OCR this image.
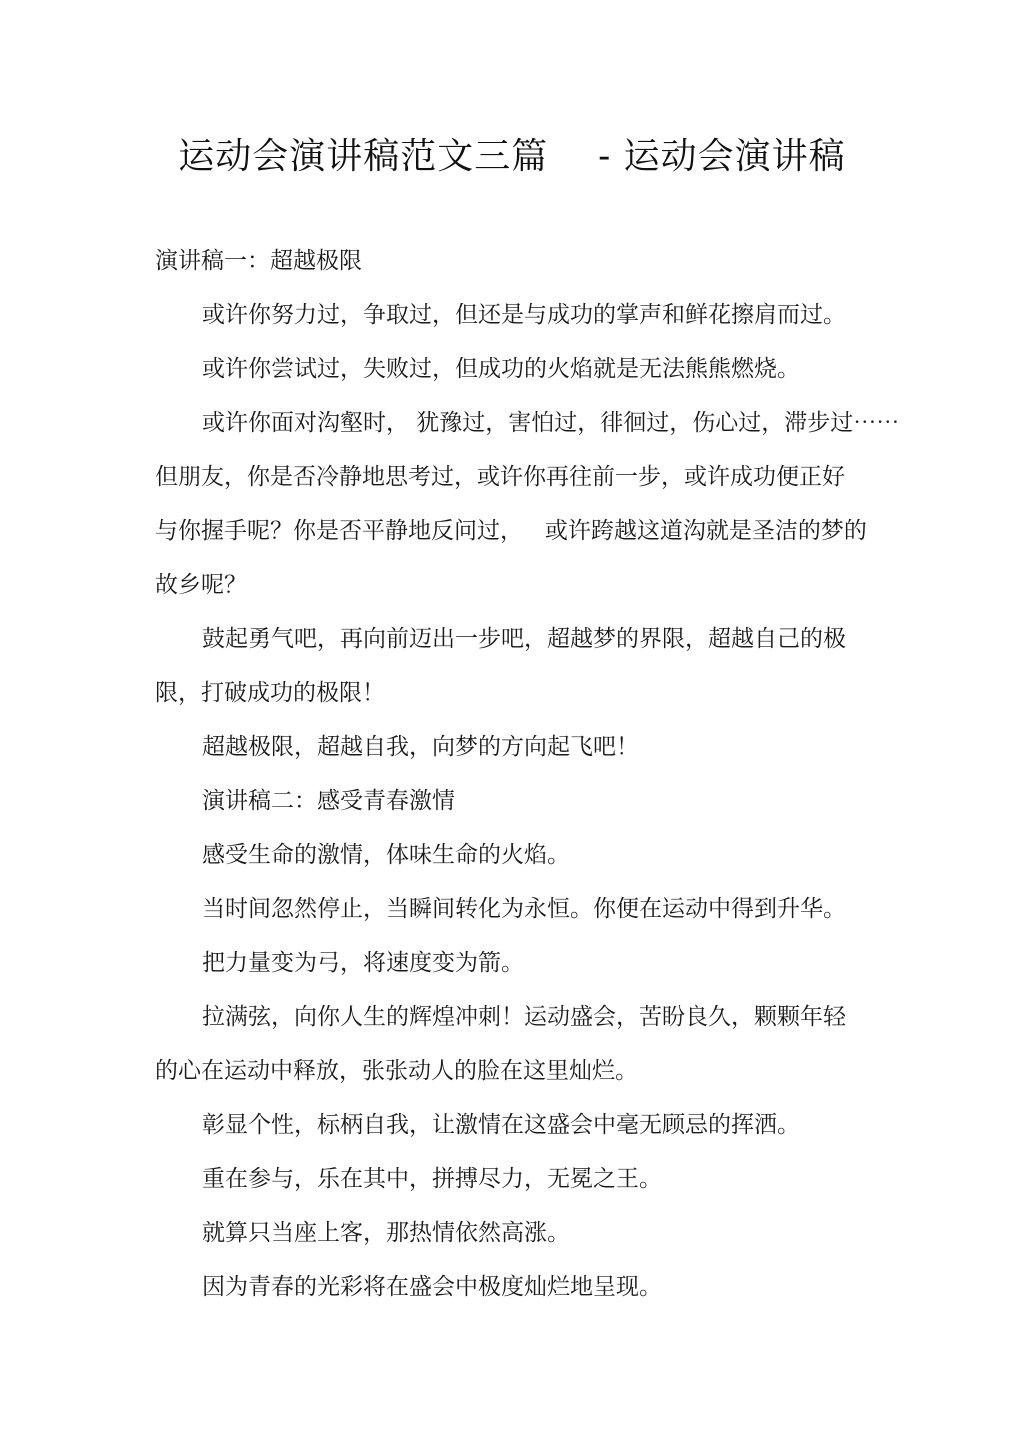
运动会演讲稿范文三篇    - 运动会演讲稿

演讲稿一：超越极限

或许你努力过，争取过，但还是与成功的掌声和鲜花擦肩而过。

或许你尝试过，失败过，但成功的火焰就是无法熊熊燃烧。

或许你面对沟壑时， 犹豫过，害怕过，徘徊过，伤心过，滞步过⋯⋯

但朋友，你是否冷静地思考过，或许你再往前一步，或许成功便正好

与你握手呢？你是否平静地反问过，   或许跨越这道沟就是圣洁的梦的

故乡呢？

鼓起勇气吧，再向前迈出一步吧，超越梦的界限，超越自己的极

限，打破成功的极限！

超越极限，超越自我，向梦的方向起飞吧！

演讲稿二：感受青春激情

感受生命的激情，体味生命的火焰。

当时间忽然停止，当瞬间转化为永恒。你便在运动中得到升华。

把力量变为弓，将速度变为箭。

拉满弦，向你人生的辉煌冲刺！运动盛会，苦盼良久，颗颗年轻

的心在运动中释放，张张动人的脸在这里灿烂。

彰显个性，标柄自我，让激情在这盛会中毫无顾忌的挥洒。

重在参与，乐在其中，拼搏尽力，无冕之王。

就算只当座上客，那热情依然高涨。

因为青春的光彩将在盛会中极度灿烂地呈现。
